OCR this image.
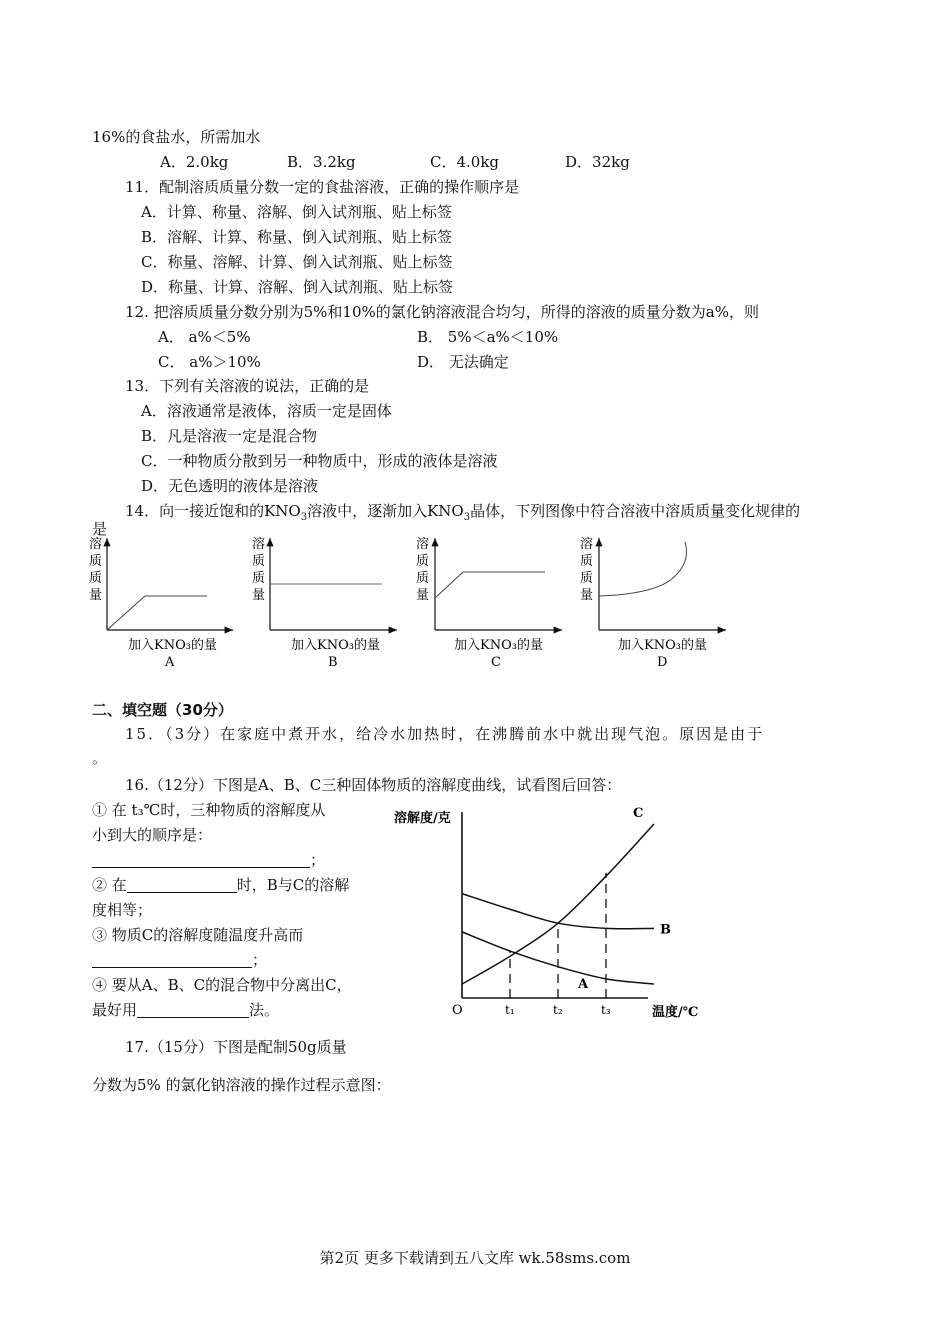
16%的食盐水，所需加水
A．2.0kg	B．3.2kg	C．4.0kg	D．32kg
11．配制溶质质量分数一定的食盐溶液，正确的操作顺序是
A．计算、称量、溶解、倒入试剂瓶、贴上标签
B．溶解、计算、称量、倒入试剂瓶、贴上标签
C．称量、溶解、计算、倒入试剂瓶、贴上标签
D．称量、计算、溶解、倒入试剂瓶、贴上标签
12. 把溶质质量分数分别为5%和10%的氯化钠溶液混合均匀，所得的溶液的质量分数为a%，则
A． a%＜5%	B． 5%＜a%＜10%
C． a%＞10%	D． 无法确定
13．下列有关溶液的说法，正确的是
A．溶液通常是液体，溶质一定是固体
B．凡是溶液一定是混合物
C．一种物质分散到另一种物质中，形成的液体是溶液
D．无色透明的液体是溶液
14．向一接近饱和的$KNO_3$溶液中，逐渐加入$KNO_3$晶体，下列图像中符合溶液中溶质质量变化规律的
是
溶
质
质
量
加入KNO₃的量
A
溶
质
质
量
加入KNO₃的量
B
溶
质
质
量
加入KNO₃的量
C
溶
质
质
量
加入KNO₃的量
D
二、填空题（30分）
15．（3分）在家庭中煮开水，给冷水加热时，在沸腾前水中就出现气泡。原因是由于
。
16.（12分）下图是A、B、C三种固体物质的溶解度曲线，试看图后回答：
① 在 t₃℃时，三种物质的溶解度从
小到大的顺序是：
；
② 在	时，B与C的溶解
度相等；
③ 物质C的溶解度随温度升高而
；
④ 要从A、B、C的混合物中分离出C，
最好用	法。
溶解度/克
温度/℃
O
A
B
C
t₁	t₂	t₃
17.（15分）下图是配制50g质量
分数为5% 的氯化钠溶液的操作过程示意图：
第2页 更多下载请到五八文库 wk.58sms.com
